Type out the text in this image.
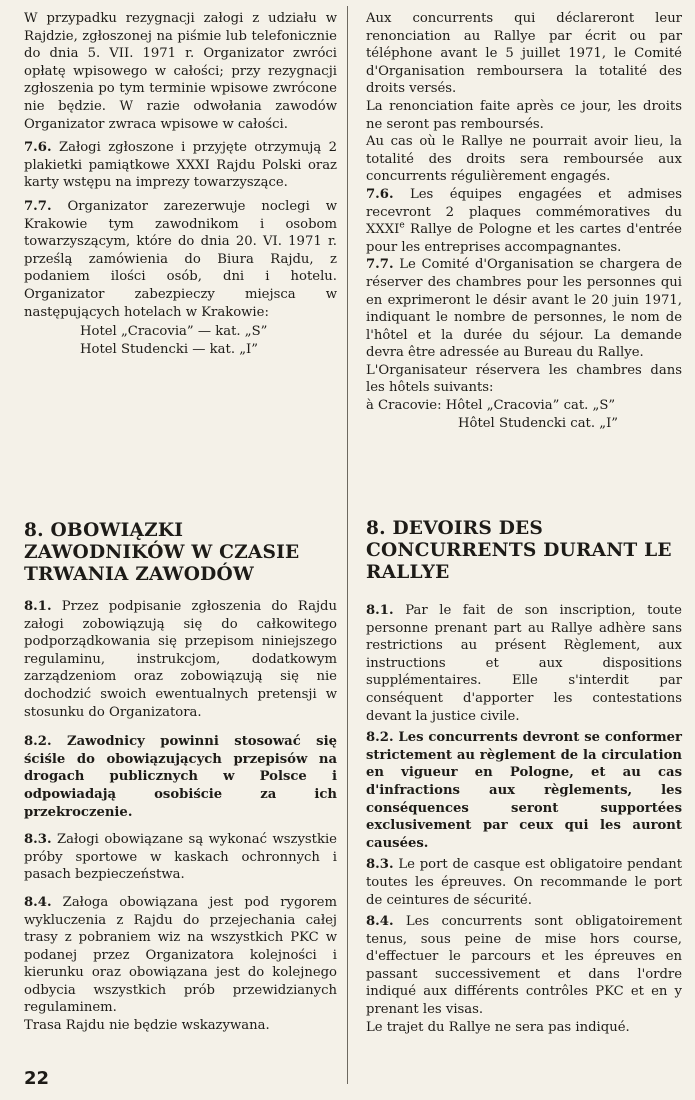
W przypadku rezygnacji załogi z udziału w Rajdzie, zgłoszonej na piśmie lub telefonicznie do dnia 5. VII. 1971 r. Organizator zwróci opłatę wpisowego w całości; przy rezygnacji zgłoszenia po tym terminie wpisowe zwrócone nie będzie. W razie odwołania zawodów Organizator zwraca wpisowe w całości.

7.6. Załogi zgłoszone i przyjęte otrzymują 2 plakietki pamiątkowe XXXI Rajdu Polski oraz karty wstępu na imprezy towarzyszące.

7.7. Organizator zarezerwuje noclegi w Krakowie tym zawodnikom i osobom towarzyszącym, które do dnia 20. VI. 1971 r. prześlą zamówienia do Biura Rajdu, z podaniem ilości osób, dni i hotelu. Organizator zabezpieczy miejsca w następujących hotelach w Krakowie:

Hotel „Cracovia” — kat. „S”
Hotel Studencki — kat. „I”

Aux concurrents qui déclareront leur renonciation au Rallye par écrit ou par téléphone avant le 5 juillet 1971, le Comité d'Organisation remboursera la totalité des droits versés.

La renonciation faite après ce jour, les droits ne seront pas remboursés.

Au cas où le Rallye ne pourrait avoir lieu, la totalité des droits sera remboursée aux concurrents régulièrement engagés.

7.6. Les équipes engagées et admises recevront 2 plaques commémoratives du XXXIe Rallye de Pologne et les cartes d'entrée pour les entreprises accompagnantes.

7.7. Le Comité d'Organisation se chargera de réserver des chambres pour les personnes qui en exprimeront le désir avant le 20 juin 1971, indiquant le nombre de personnes, le nom de l'hôtel et la durée du séjour. La demande devra être adressée au Bureau du Rallye.

L'Organisateur réservera les chambres dans les hôtels suivants:

à Cracovie: Hôtel „Cracovia” cat. „S”
Hôtel Studencki cat. „I”
8. OBOWIĄZKI ZAWODNIKÓW W CZASIE TRWANIA ZAWODÓW
8. DEVOIRS DES CONCURRENTS DURANT LE RALLYE

8.1. Przez podpisanie zgłoszenia do Rajdu załogi zobowiązują się do całkowitego podporządkowania się przepisom niniejszego regulaminu, instrukcjom, dodatkowym zarządzeniom oraz zobowiązują się nie dochodzić swoich ewentualnych pretensji w stosunku do Organizatora.

8.2. Zawodnicy powinni stosować się ściśle do obowiązujących przepisów na drogach publicznych w Polsce i odpowiadają osobiście za ich przekroczenie.

8.3. Załogi obowiązane są wykonać wszystkie próby sportowe w kaskach ochronnych i pasach bezpieczeństwa.

8.4. Załoga obowiązana jest pod rygorem wykluczenia z Rajdu do przejechania całej trasy z pobraniem wiz na wszystkich PKC w podanej przez Organizatora kolejności i kierunku oraz obowiązana jest do kolejnego odbycia wszystkich prób przewidzianych regulaminem.

Trasa Rajdu nie będzie wskazywana.

8.1. Par le fait de son inscription, toute personne prenant part au Rallye adhère sans restrictions au présent Règlement, aux instructions et aux dispositions supplémentaires. Elle s'interdit par conséquent d'apporter les contestations devant la justice civile.

8.2. Les concurrents devront se conformer strictement au règlement de la circulation en vigueur en Pologne, et au cas d'infractions aux règlements, les conséquences seront supportées exclusivement par ceux qui les auront causées.

8.3. Le port de casque est obligatoire pendant toutes les épreuves. On recommande le port de ceintures de sécurité.

8.4. Les concurrents sont obligatoirement tenus, sous peine de mise hors course, d'effectuer le parcours et les épreuves en passant successivement et dans l'ordre indiqué aux différents contrôles PKC et en y prenant les visas.

Le trajet du Rallye ne sera pas indiqué.

22
